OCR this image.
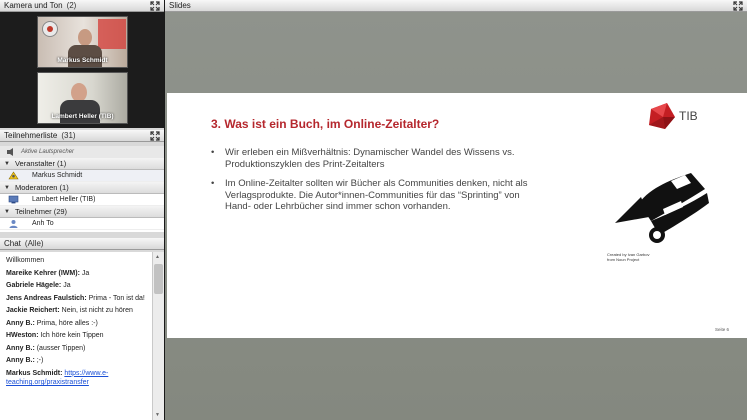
Kamera und Ton (2)
Markus Schmidt
Lambert Heller (TIB)
Teilnehmerliste (31)
Aktive Lautsprecher
▼ Veranstalter (1)
Markus Schmidt
▼ Moderatoren (1)
Lambert Heller (TIB)
▼ Teilnehmer (29)
Anh To
Chat (Alle)
Willkommen
Mareike Kehrer (IWM): Ja
Gabriele Hägele: Ja
Jens Andreas Faulstich: Prima - Ton ist da!
Jackie Reichert: Nein, ist nicht zu hören
Anny B.: Prima, höre alles :-)
HWeston: Ich höre kein Tippen
Anny B.: (ausser Tippen)
Anny B.: ;-)
Markus Schmidt: https://www.e-teaching.org/praxistransfer
▲
▼
Slides
3. Was ist ein Buch, im Online-Zeitalter?
TIB
•	Wir erleben ein Mißverhältnis: Dynamischer Wandel des Wissens vs. Produktionszyklen des Print-Zeitalters
•	Im Online-Zeitalter sollten wir Bücher als Communities denken, nicht als Verlagsprodukte. Die Autor*innen-Communities für das “Sprinting” von Hand- oder Lehrbücher sind immer schon vorhanden.
Created by Ivan Garbov
from Noun Project
Seite 6
